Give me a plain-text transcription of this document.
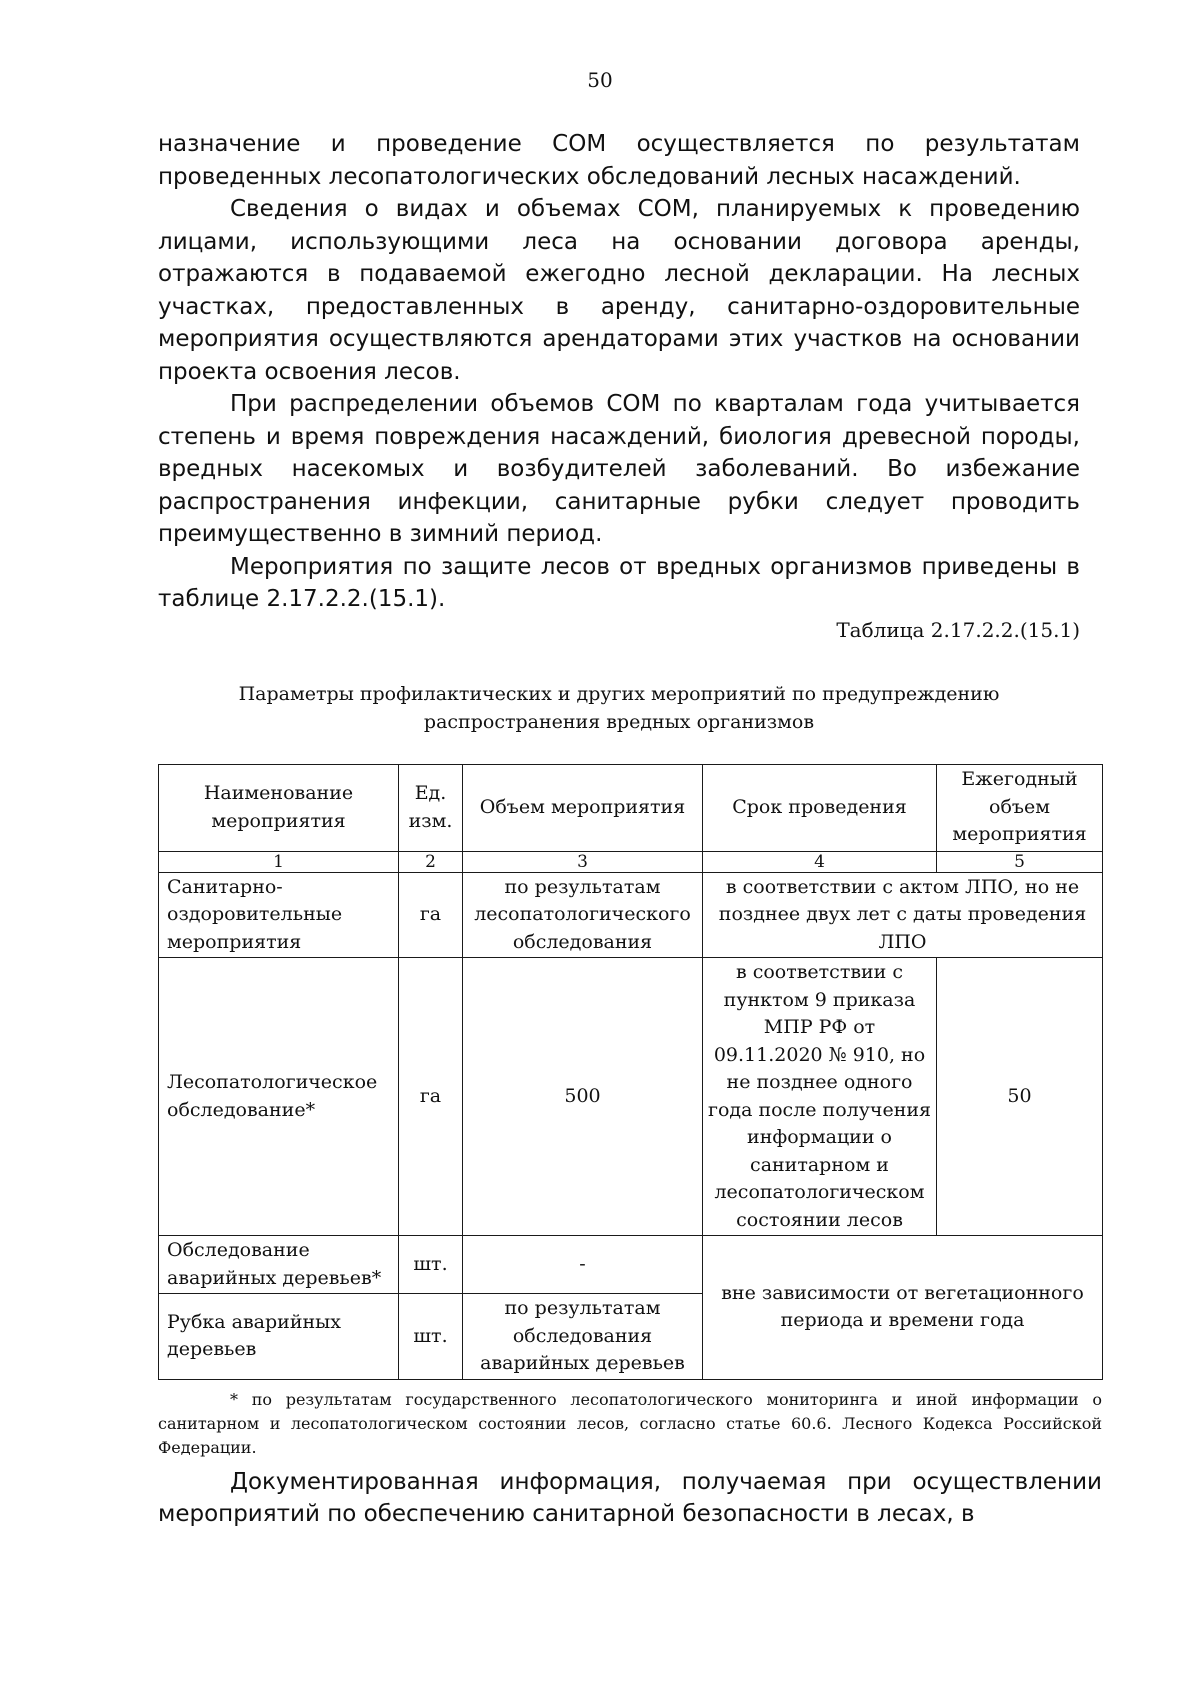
50

назначение и проведение СОМ осуществляется по результатам проведенных лесопатологических обследований лесных насаждений.

Сведения о видах и объемах СОМ, планируемых к проведению лицами, использующими леса на основании договора аренды, отражаются в подаваемой ежегодно лесной декларации. На лесных участках, предоставленных в аренду, санитарно-оздоровительные мероприятия осуществляются арендаторами этих участков на основании проекта освоения лесов.

При распределении объемов СОМ по кварталам года учитывается степень и время повреждения насаждений, биология древесной породы, вредных насекомых и возбудителей заболеваний. Во избежание распространения инфекции, санитарные рубки следует проводить преимущественно в зимний период.

Мероприятия по защите лесов от вредных организмов приведены в таблице 2.17.2.2.(15.1).

Таблица 2.17.2.2.(15.1)

Параметры профилактических и других мероприятий по предупреждению распространения вредных организмов

Наименование мероприятия	Ед. изм.	Объем мероприятия	Срок проведения	Ежегодный объем мероприятия
1	2	3	4	5
Санитарно-оздоровительные мероприятия	га	по результатам лесопатологического обследования	в соответствии с актом ЛПО, но не позднее двух лет с даты проведения ЛПО	
Лесопатологическое обследование*	га	500	в соответствии с пунктом 9 приказа МПР РФ от 09.11.2020 № 910, но не позднее одного года после получения информации о санитарном и лесопатологическом состоянии лесов	50
Обследование аварийных деревьев*	шт.	-	вне зависимости от вегетационного периода и времени года	
Рубка аварийных деревьев	шт.	по результатам обследования аварийных деревьев		

* по результатам государственного лесопатологического мониторинга и иной информации о санитарном и лесопатологическом состоянии лесов, согласно статье 60.6. Лесного Кодекса Российской Федерации.

Документированная информация, получаемая при осуществлении мероприятий по обеспечению санитарной безопасности в лесах, в
